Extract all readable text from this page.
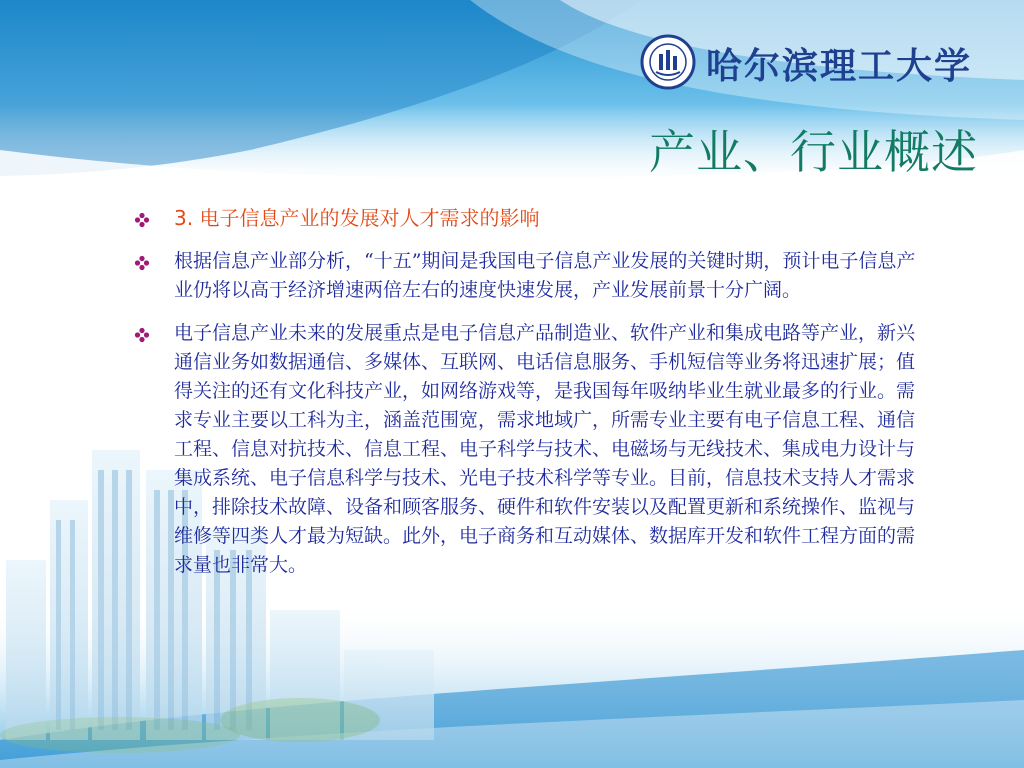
哈尔滨理工大学
产业、行业概述
3. 电子信息产业的发展对人才需求的影响
根据信息产业部分析，“十五”期间是我国电子信息产业发展的关键时期，预计电子信息产业仍将以高于经济增速两倍左右的速度快速发展，产业发展前景十分广阔。
电子信息产业未来的发展重点是电子信息产品制造业、软件产业和集成电路等产业，新兴通信业务如数据通信、多媒体、互联网、电话信息服务、手机短信等业务将迅速扩展；值得关注的还有文化科技产业，如网络游戏等，是我国每年吸纳毕业生就业最多的行业。需求专业主要以工科为主，涵盖范围宽，需求地域广，所需专业主要有电子信息工程、通信工程、信息对抗技术、信息工程、电子科学与技术、电磁场与无线技术、集成电力设计与集成系统、电子信息科学与技术、光电子技术科学等专业。目前，信息技术支持人才需求中，排除技术故障、设备和顾客服务、硬件和软件安装以及配置更新和系统操作、监视与维修等四类人才最为短缺。此外，电子商务和互动媒体、数据库开发和软件工程方面的需求量也非常大。
